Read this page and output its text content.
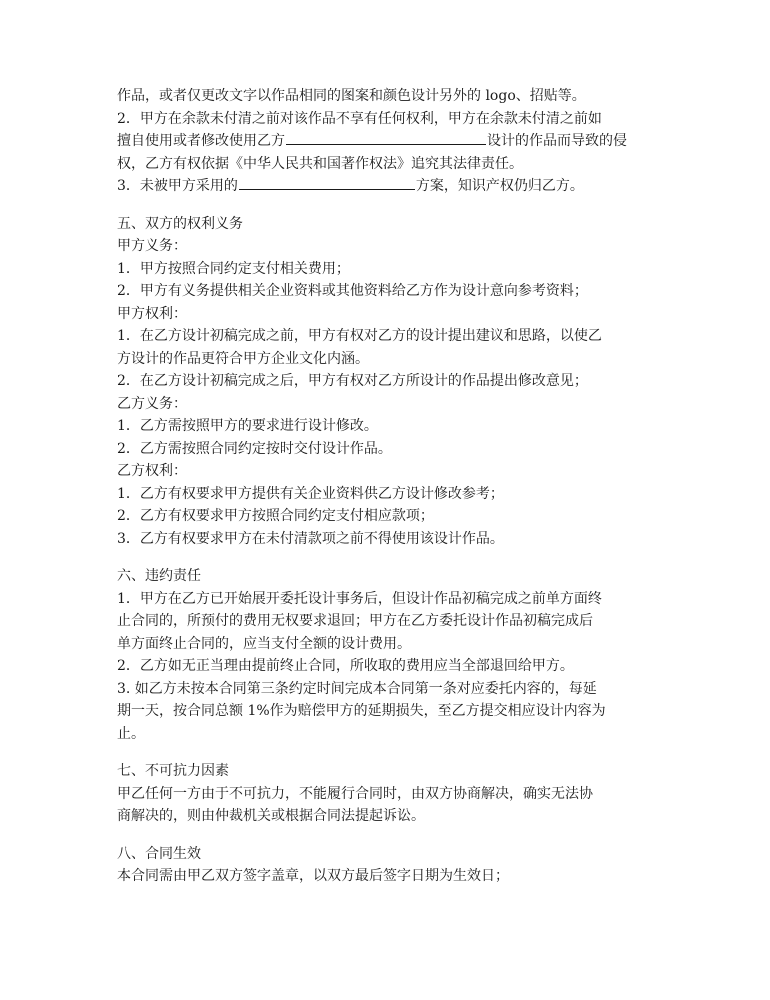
作品，或者仅更改文字以作品相同的图案和颜色设计另外的 logo、招贴等。
2．甲方在余款未付清之前对该作品不享有任何权利，甲方在余款未付清之前如
擅自使用或者修改使用乙方	设计的作品而导致的侵
权，乙方有权依据《中华人民共和国著作权法》追究其法律责任。
3．未被甲方采用的	方案，知识产权仍归乙方。
五、双方的权利义务
甲方义务：
1．甲方按照合同约定支付相关费用；
2．甲方有义务提供相关企业资料或其他资料给乙方作为设计意向参考资料；
甲方权利：
1．在乙方设计初稿完成之前，甲方有权对乙方的设计提出建议和思路，以使乙
方设计的作品更符合甲方企业文化内涵。
2．在乙方设计初稿完成之后，甲方有权对乙方所设计的作品提出修改意见；
乙方义务：
1．乙方需按照甲方的要求进行设计修改。
2．乙方需按照合同约定按时交付设计作品。
乙方权利：
1．乙方有权要求甲方提供有关企业资料供乙方设计修改参考；
2．乙方有权要求甲方按照合同约定支付相应款项；
3．乙方有权要求甲方在未付清款项之前不得使用该设计作品。
六、违约责任
1．甲方在乙方已开始展开委托设计事务后，但设计作品初稿完成之前单方面终
止合同的，所预付的费用无权要求退回；甲方在乙方委托设计作品初稿完成后
单方面终止合同的，应当支付全额的设计费用。
2．乙方如无正当理由提前终止合同，所收取的费用应当全部退回给甲方。
3. 如乙方未按本合同第三条约定时间完成本合同第一条对应委托内容的，每延
期一天，按合同总额 1%作为赔偿甲方的延期损失，至乙方提交相应设计内容为
止。
七、不可抗力因素
甲乙任何一方由于不可抗力，不能履行合同时，由双方协商解决，确实无法协
商解决的，则由仲裁机关或根据合同法提起诉讼。
八、合同生效
本合同需由甲乙双方签字盖章，以双方最后签字日期为生效日；
